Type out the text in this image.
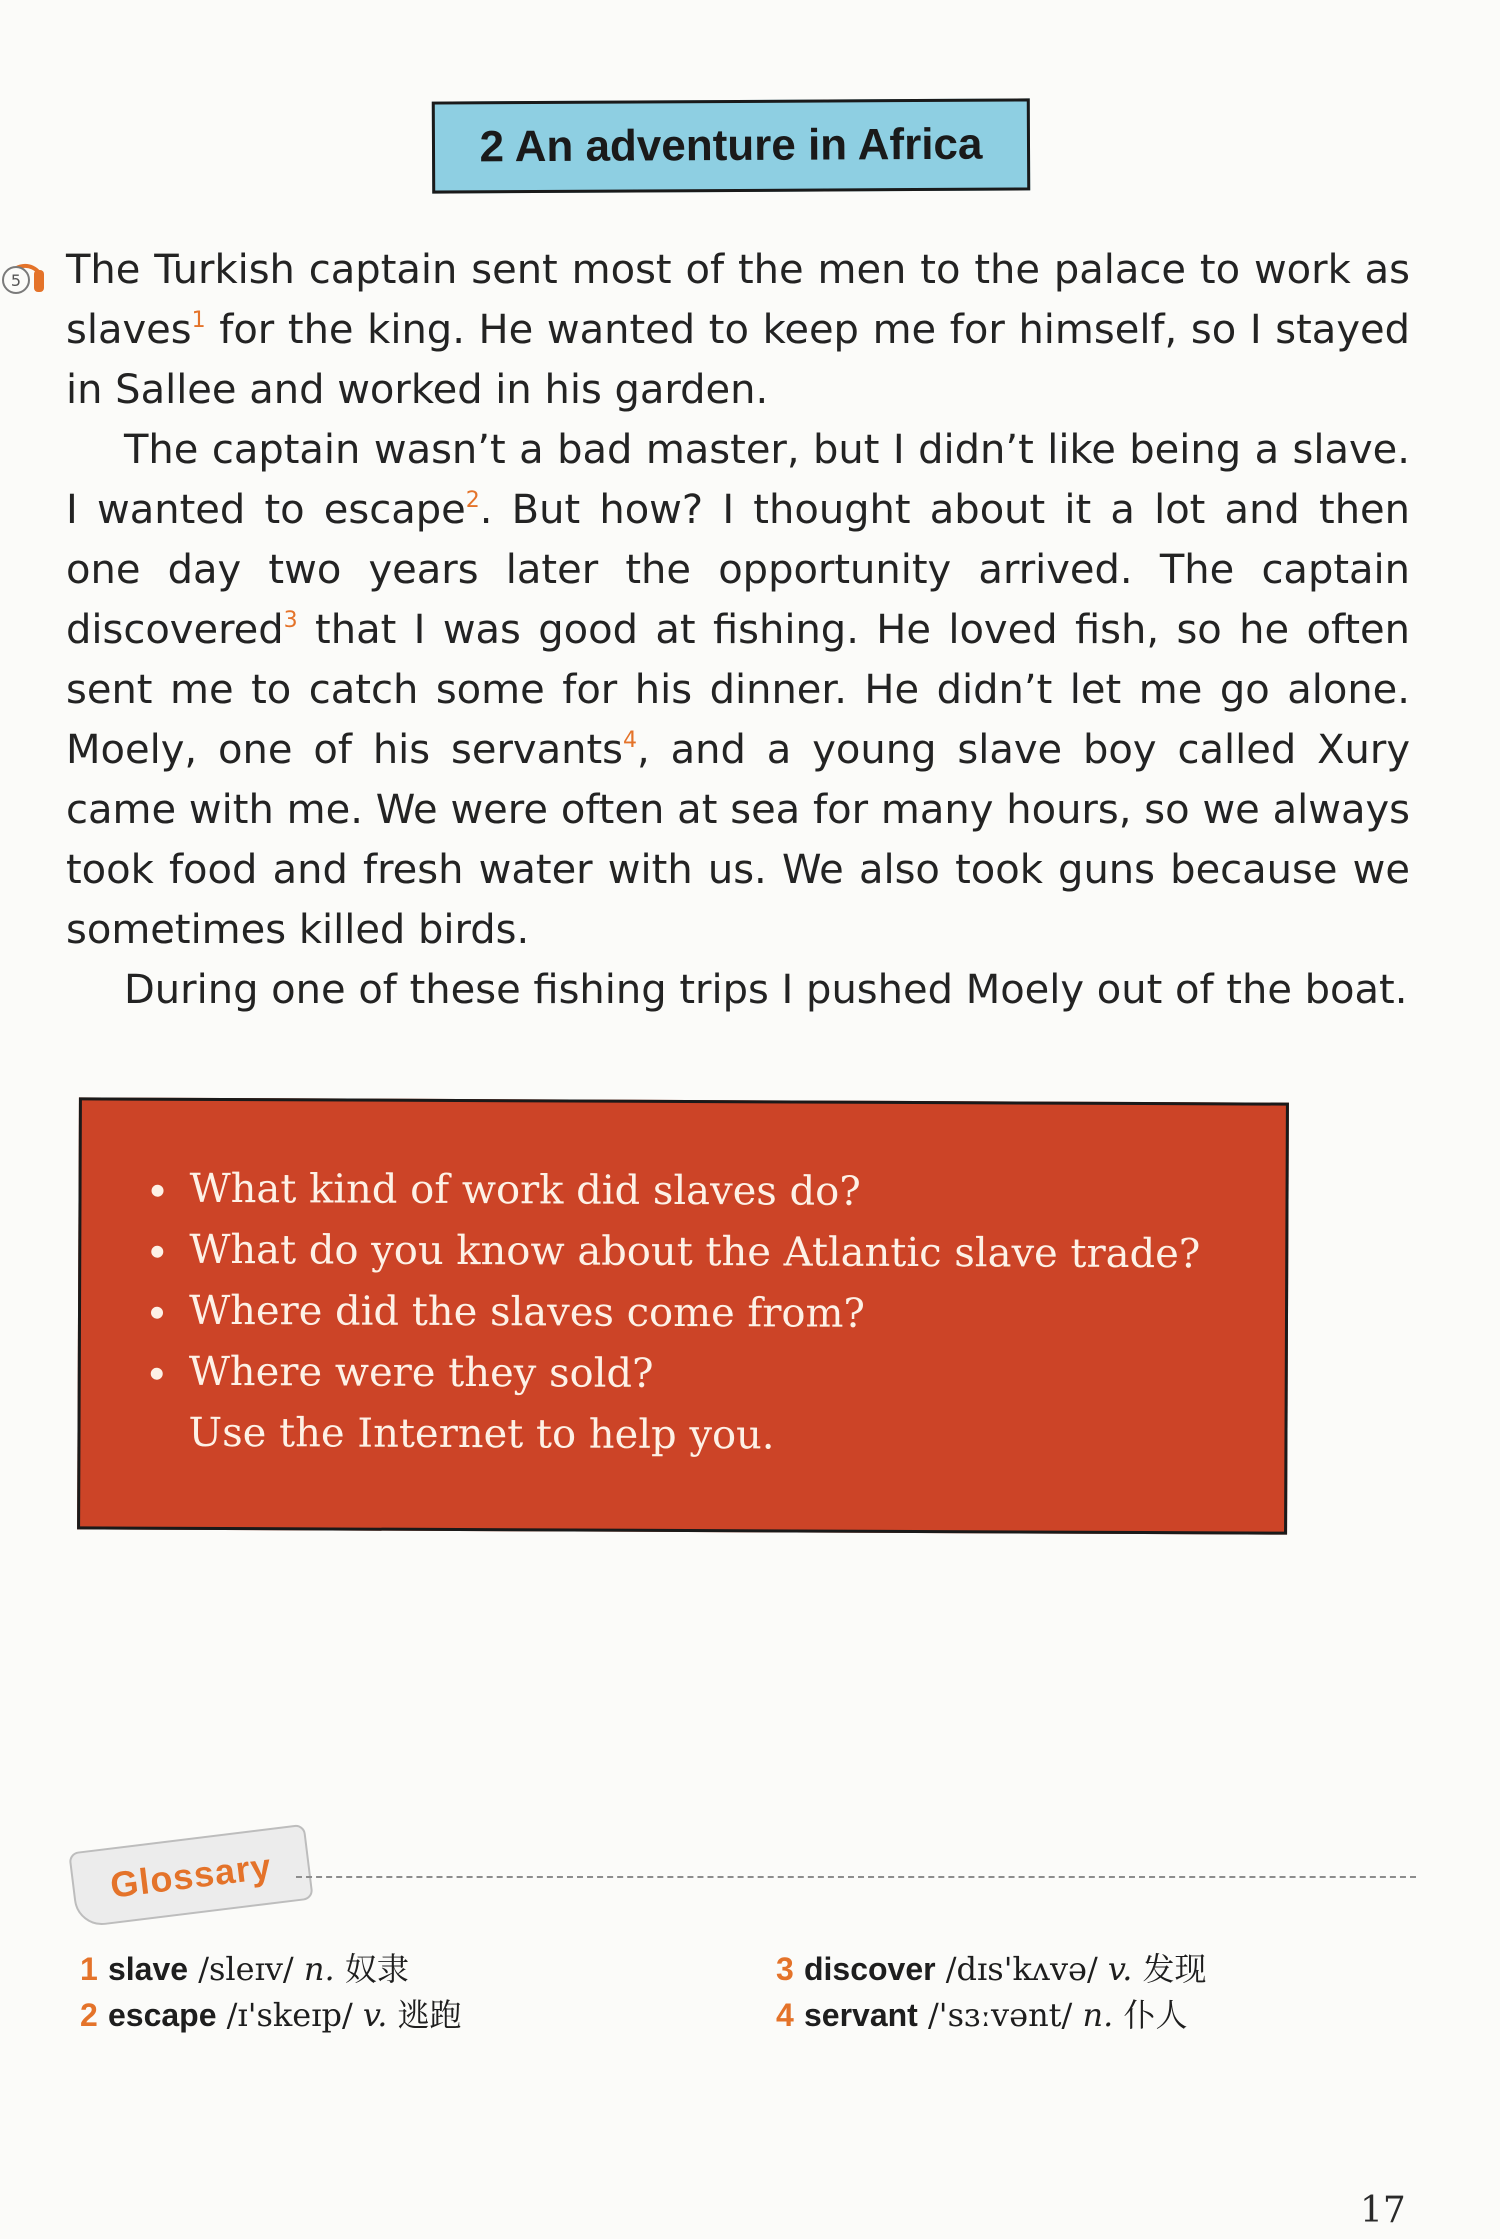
2 An adventure in Africa
5 The Turkish captain sent most of the men to the palace to work as slaves$^1$ for the king. He wanted to keep me for himself, so I stayed in Sallee and worked in his garden.

The captain wasn’t a bad master, but I didn’t like being a slave. I wanted to escape$^2$. But how? I thought about it a lot and then one day two years later the opportunity arrived. The captain discovered$^3$ that I was good at fishing. He loved fish, so he often sent me to catch some for his dinner. He didn’t let me go alone. Moely, one of his servants$^4$, and a young slave boy called Xury came with me. We were often at sea for many hours, so we always took food and fresh water with us. We also took guns because we sometimes killed birds.

During one of these fishing trips I pushed Moely out of the boat.

What kind of work did slaves do?
What do you know about the Atlantic slave trade?
Where did the slaves come from?
Where were they sold?
Use the Internet to help you.
Glossary
1 slave /sleɪv/ n. 奴隶
2 escape /ɪ'skeɪp/ v. 逃跑
3 discover /dɪs'kʌvə/ v. 发现
4 servant /'sɜːvənt/ n. 仆人
17
